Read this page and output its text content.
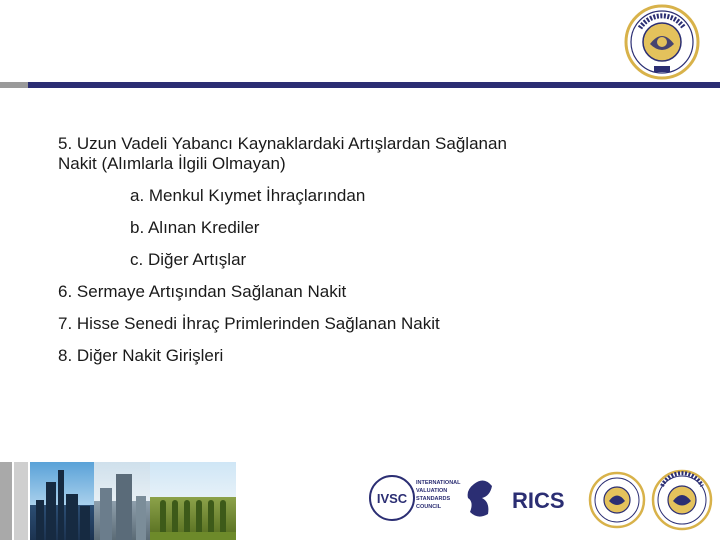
5. Uzun Vadeli Yabancı Kaynaklardaki Artışlardan Sağlanan
Nakit (Alımlarla İlgili Olmayan)
a. Menkul Kıymet İhraçlarından
b. Alınan Krediler
c. Diğer Artışlar
6. Sermaye Artışından Sağlanan Nakit
7. Hisse Senedi İhraç Primlerinden Sağlanan Nakit
8. Diğer Nakit Girişleri
IVSC
INTERNATIONAL VALUATION STANDARDS COUNCIL	RICS
